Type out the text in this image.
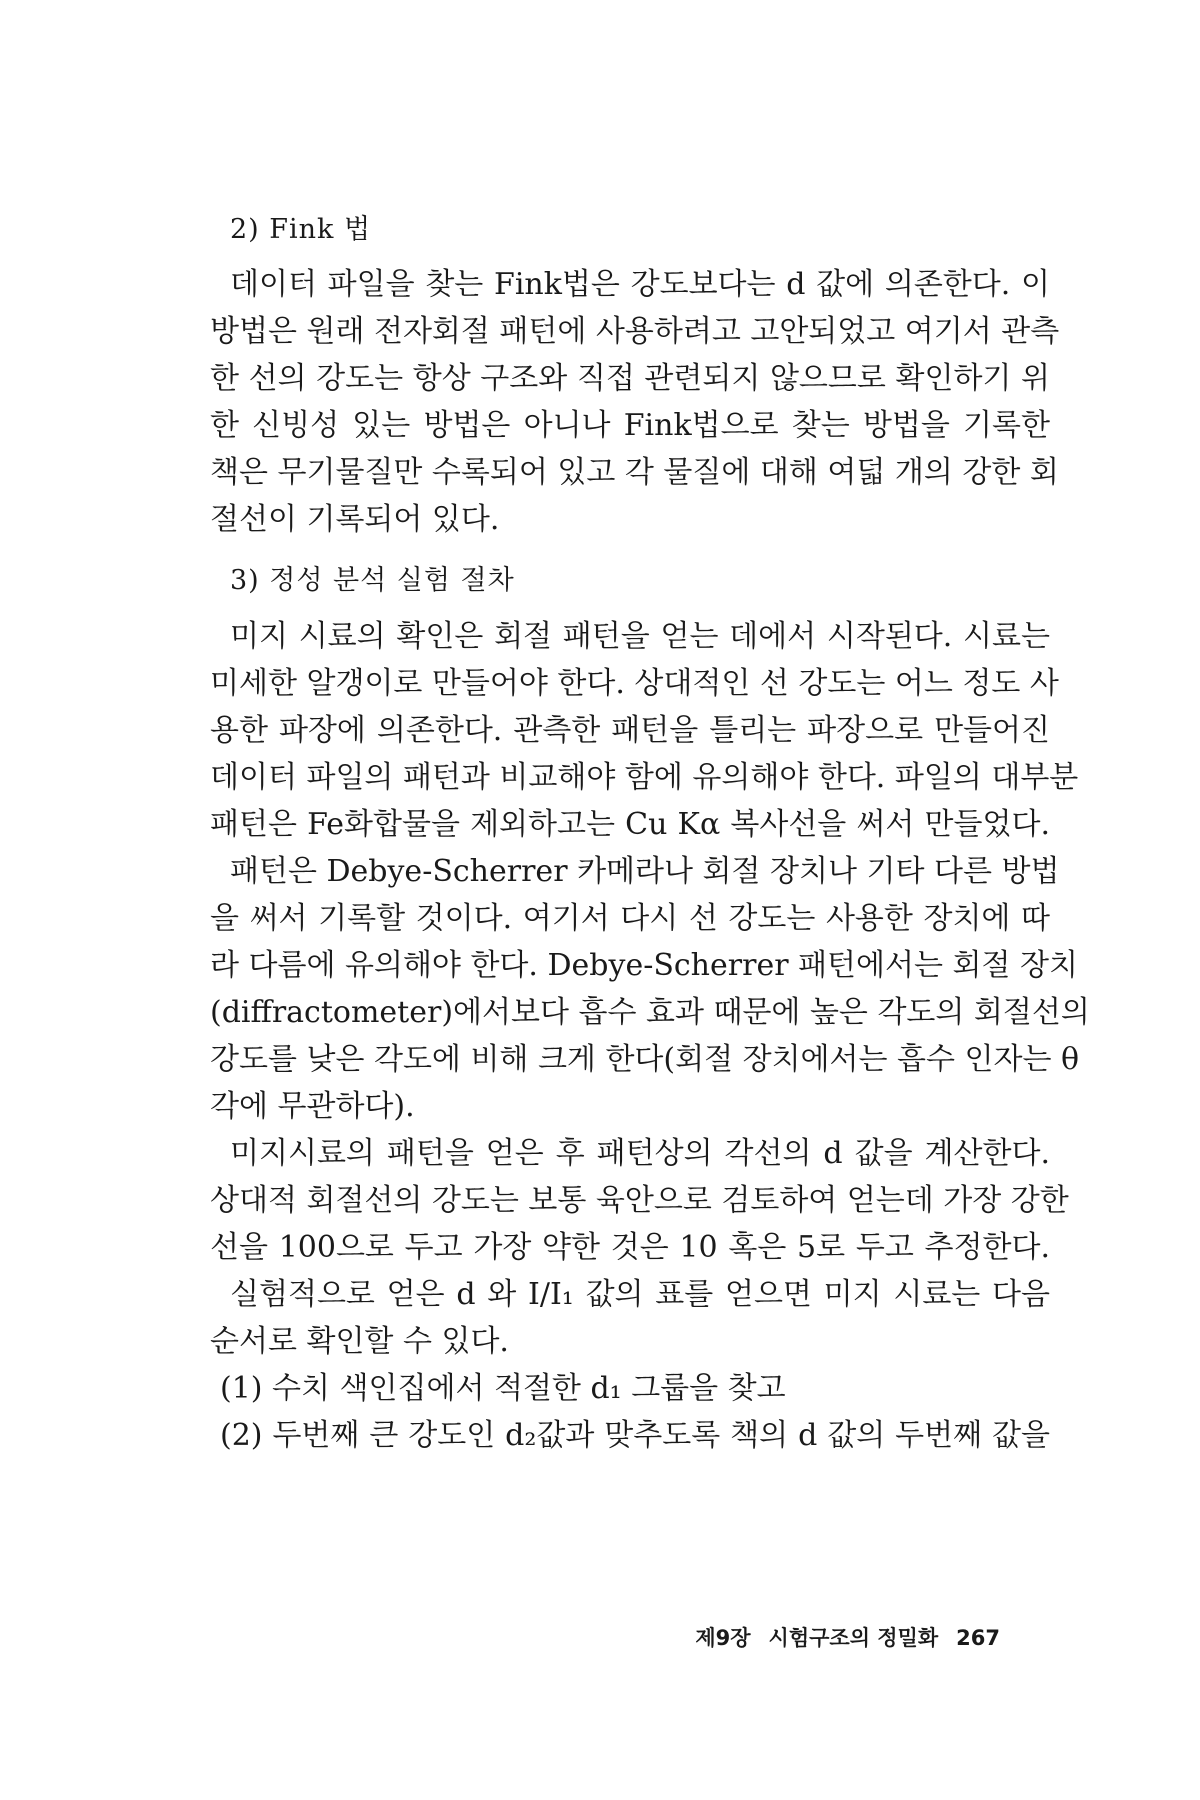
2) Fink 법
데이터 파일을 찾는 Fink법은 강도보다는 d 값에 의존한다. 이
방법은 원래 전자회절 패턴에 사용하려고 고안되었고 여기서 관측
한 선의 강도는 항상 구조와 직접 관련되지 않으므로 확인하기 위
한 신빙성 있는 방법은 아니나 Fink법으로 찾는 방법을 기록한
책은 무기물질만 수록되어 있고 각 물질에 대해 여덟 개의 강한 회
절선이 기록되어 있다.
3) 정성 분석 실험 절차
미지 시료의 확인은 회절 패턴을 얻는 데에서 시작된다. 시료는
미세한 알갱이로 만들어야 한다. 상대적인 선 강도는 어느 정도 사
용한 파장에 의존한다. 관측한 패턴을 틀리는 파장으로 만들어진
데이터 파일의 패턴과 비교해야 함에 유의해야 한다. 파일의 대부분
패턴은 Fe화합물을 제외하고는 Cu Kα 복사선을 써서 만들었다.
패턴은 Debye-Scherrer 카메라나 회절 장치나 기타 다른 방법
을 써서 기록할 것이다. 여기서 다시 선 강도는 사용한 장치에 따
라 다름에 유의해야 한다. Debye-Scherrer 패턴에서는 회절 장치
(diffractometer)에서보다 흡수 효과 때문에 높은 각도의 회절선의
강도를 낮은 각도에 비해 크게 한다(회절 장치에서는 흡수 인자는 θ
각에 무관하다).
미지시료의 패턴을 얻은 후 패턴상의 각선의 d 값을 계산한다.
상대적 회절선의 강도는 보통 육안으로 검토하여 얻는데 가장 강한
선을 100으로 두고 가장 약한 것은 10 혹은 5로 두고 추정한다.
실험적으로 얻은 d 와 I/I₁ 값의 표를 얻으면 미지 시료는 다음
순서로 확인할 수 있다.
(1) 수치 색인집에서 적절한 d₁ 그룹을 찾고
(2) 두번째 큰 강도인 d₂값과 맞추도록 책의 d 값의 두번째 값을
제9장 시험구조의 정밀화 267
